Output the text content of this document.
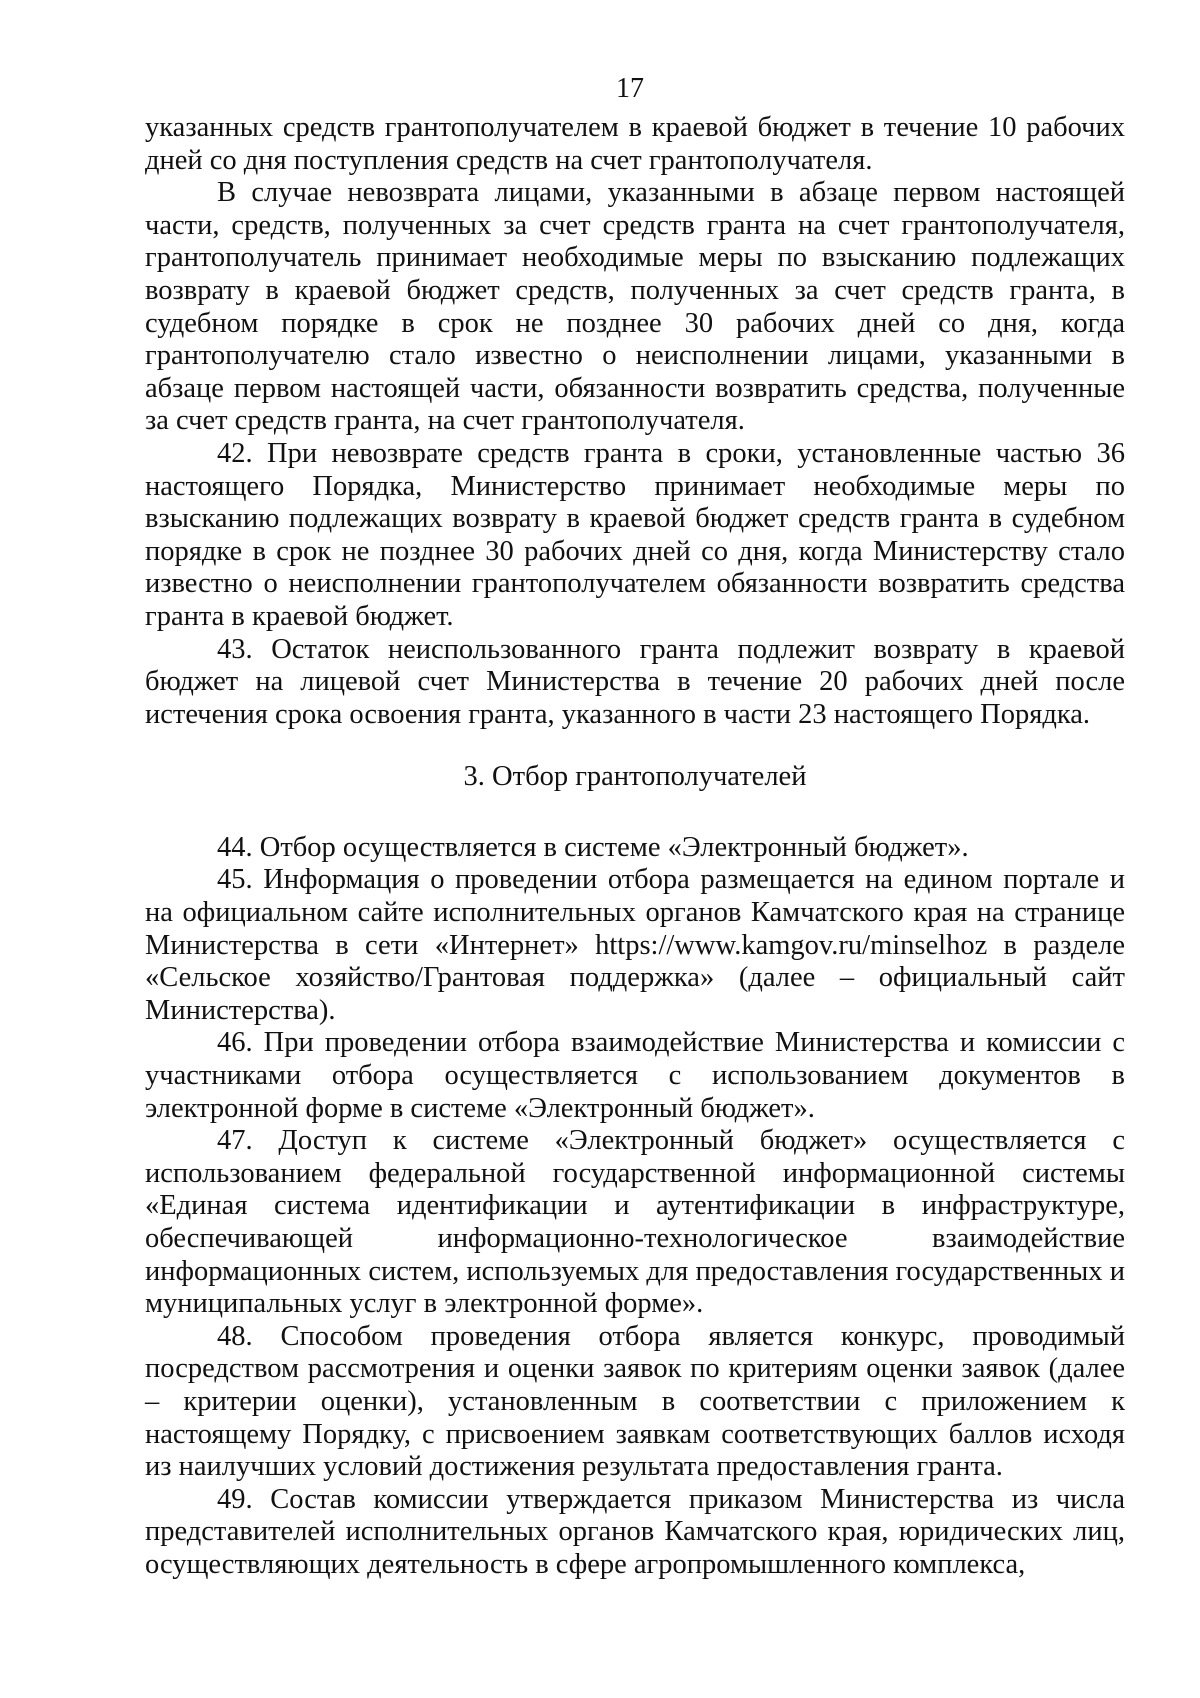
17

указанных средств грантополучателем в краевой бюджет в течение 10 рабочих дней со дня поступления средств на счет грантополучателя.

В случае невозврата лицами, указанными в абзаце первом настоящей части, средств, полученных за счет средств гранта на счет грантополучателя, грантополучатель принимает необходимые меры по взысканию подлежащих возврату в краевой бюджет средств, полученных за счет средств гранта, в судебном порядке в срок не позднее 30 рабочих дней со дня, когда грантополучателю стало известно о неисполнении лицами, указанными в абзаце первом настоящей части, обязанности возвратить средства, полученные за счет средств гранта, на счет грантополучателя.

42. При невозврате средств гранта в сроки, установленные частью 36 настоящего Порядка, Министерство принимает необходимые меры по взысканию подлежащих возврату в краевой бюджет средств гранта в судебном порядке в срок не позднее 30 рабочих дней со дня, когда Министерству стало известно о неисполнении грантополучателем обязанности возвратить средства гранта в краевой бюджет.

43. Остаток неиспользованного гранта подлежит возврату в краевой бюджет на лицевой счет Министерства в течение 20 рабочих дней после истечения срока освоения гранта, указанного в части 23 настоящего Порядка.

3. Отбор грантополучателей

44. Отбор осуществляется в системе «Электронный бюджет».

45. Информация о проведении отбора размещается на едином портале и на официальном сайте исполнительных органов Камчатского края на странице Министерства в сети «Интернет» https://www.kamgov.ru/minselhoz в разделе «Сельское хозяйство/Грантовая поддержка» (далее – официальный сайт Министерства).

46. При проведении отбора взаимодействие Министерства и комиссии с участниками отбора осуществляется с использованием документов в электронной форме в системе «Электронный бюджет».

47. Доступ к системе «Электронный бюджет» осуществляется с использованием федеральной государственной информационной системы «Единая система идентификации и аутентификации в инфраструктуре, обеспечивающей информационно-технологическое взаимодействие информационных систем, используемых для предоставления государственных и муниципальных услуг в электронной форме».

48. Способом проведения отбора является конкурс, проводимый посредством рассмотрения и оценки заявок по критериям оценки заявок (далее – критерии оценки), установленным в соответствии с приложением к настоящему Порядку, с присвоением заявкам соответствующих баллов исходя из наилучших условий достижения результата предоставления гранта.

49. Состав комиссии утверждается приказом Министерства из числа представителей исполнительных органов Камчатского края, юридических лиц, осуществляющих деятельность в сфере агропромышленного комплекса,
